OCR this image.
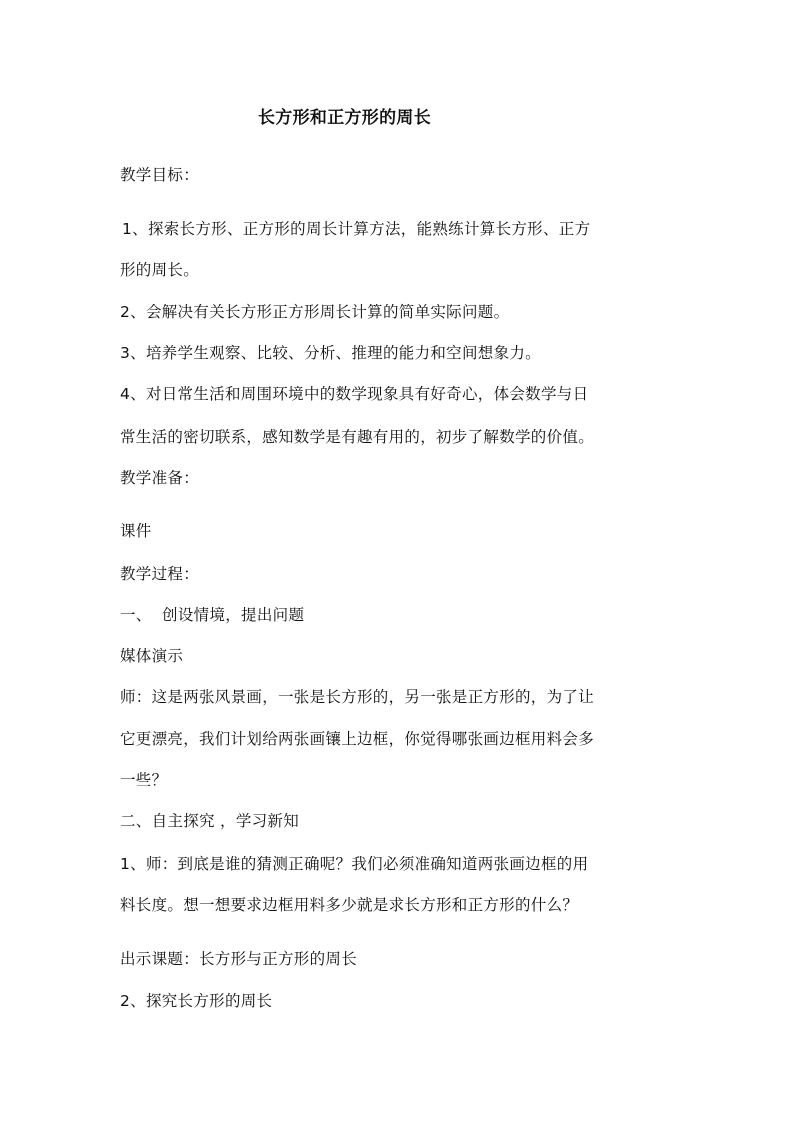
长方形和正方形的周长
教学目标：
1、探索长方形、正方形的周长计算方法，能熟练计算长方形、正方
形的周长。
2、会解决有关长方形正方形周长计算的简单实际问题。
3、培养学生观察、比较、分析、推理的能力和空间想象力。
4、对日常生活和周围环境中的数学现象具有好奇心，体会数学与日
常生活的密切联系，感知数学是有趣有用的，初步了解数学的价值。
教学准备：
课件
教学过程：
一、  创设情境，提出问题
媒体演示
师：这是两张风景画，一张是长方形的，另一张是正方形的，为了让
它更漂亮，我们计划给两张画镶上边框，你觉得哪张画边框用料会多
一些？
二、自主探究 ，学习新知
1、师：到底是谁的猜测正确呢？我们必须准确知道两张画边框的用
料长度。想一想要求边框用料多少就是求长方形和正方形的什么？
出示课题：长方形与正方形的周长
2、探究长方形的周长
